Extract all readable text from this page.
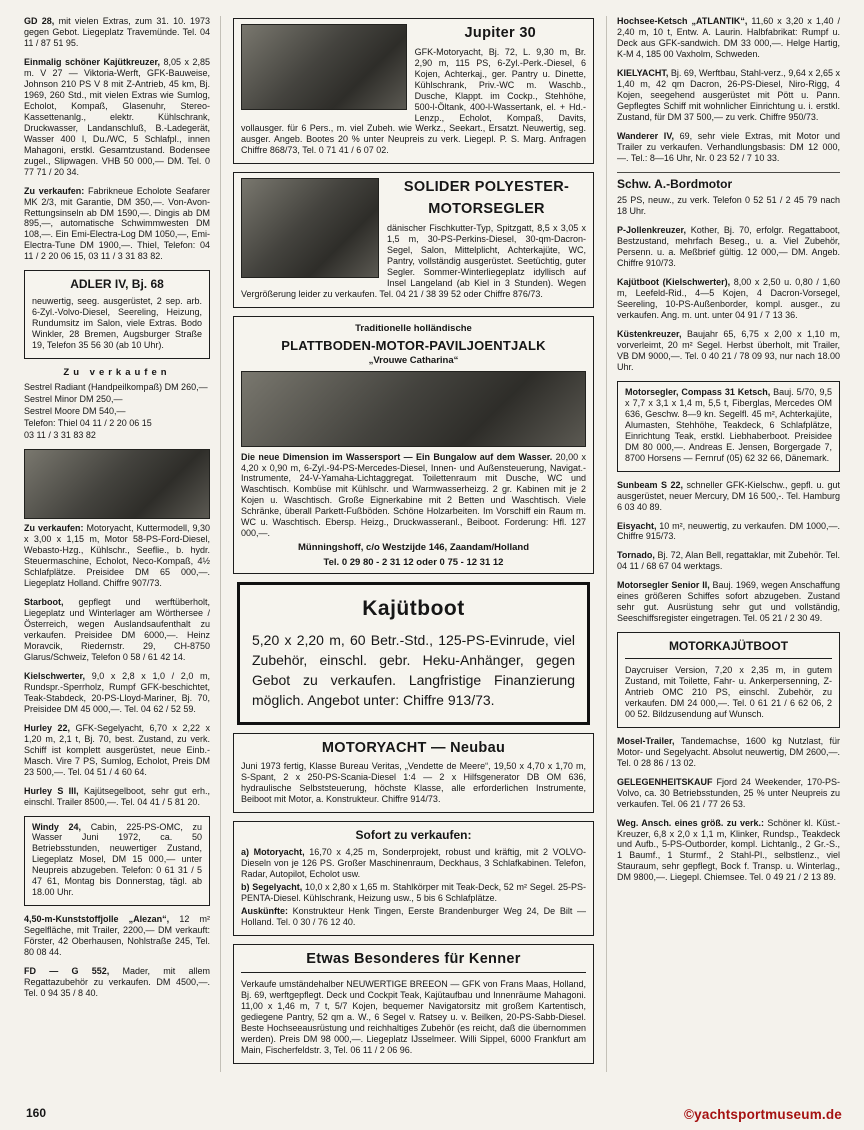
GD 28, mit vielen Extras, zum 31. 10. 1973 gegen Gebot. Liegeplatz Travemünde. Tel. 04 11 / 87 51 95.

Einmalig schöner Kajütkreuzer, 8,05 x 2,85 m. V 27 — Viktoria-Werft, GFK-Bauweise, Johnson 210 PS V 8 mit Z-Antrieb, 45 km, Bj. 1969, 260 Std., mit vielen Extras wie Sumlog, Echolot, Kompaß, Glasenuhr, Stereo-Kassettenanlg., elektr. Kühlschrank, Druckwasser, Landanschluß, B.-Ladegerät, Wasser 400 l, Du./WC, 5 Schlafpl., innen Mahagoni, erstkl. Gesamtzustand. Bodensee zugel., Slipwagen. VHB 50 000,— DM. Tel. 0 77 71 / 20 34.

Zu verkaufen: Fabrikneue Echolote Seafarer MK 2/3, mit Garantie, DM 350,—. Von-Avon-Rettungsinseln ab DM 1590,—. Dingis ab DM 895,—, automatische Schwimmwesten DM 108,—. Ein Emi-Electra-Log DM 1050,—, Emi-Electra-Tune DM 1900,—. Thiel, Telefon: 04 11 / 2 20 06 15, 03 11 / 3 31 83 82.

ADLER IV, Bj. 68

neuwertig, seeg. ausgerüstet, 2 sep. arb. 6-Zyl.-Volvo-Diesel, Seereling, Heizung, Rundumsitz im Salon, viele Extras. Bodo Winkler, 28 Bremen, Augsburger Straße 19, Telefon 35 56 30 (ab 10 Uhr).

Zu verkaufen
Sestrel Radiant (Handpeilkompaß) DM 260,—
Sestrel Minor DM 250,—
Sestrel Moore DM 540,—
Telefon: Thiel 04 11 / 2 20 06 15
03 11 / 3 31 83 82

Zu verkaufen: Motoryacht, Kuttermodell, 9,30 x 3,00 x 1,15 m, Motor 58-PS-Ford-Diesel, Webasto-Hzg., Kühlschr., Seeflie., b. hydr. Steuermaschine, Echolot, Neco-Kompaß, 4½ Schlafplätze. Preisidee DM 65 000,—. Liegeplatz Holland. Chiffre 907/73.

Starboot, gepflegt und werftüberholt, Liegeplatz und Winterlager am Wörthersee / Österreich, wegen Auslandsaufenthalt zu verkaufen. Preisidee DM 6000,—. Heinz Moravcik, Riedernstr. 29, CH-8750 Glarus/Schweiz, Telefon 0 58 / 61 42 14.

Kielschwerter, 9,0 x 2,8 x 1,0 / 2,0 m, Rundspr.-Sperrholz, Rumpf GFK-beschichtet, Teak-Stabdeck, 20-PS-Lloyd-Mariner, Bj. 70, Preisidee DM 45 000,—. Tel. 04 62 / 52 59.

Hurley 22, GFK-Segelyacht, 6,70 x 2,22 x 1,20 m, 2,1 t, Bj. 70, best. Zustand, zu verk. Schiff ist komplett ausgerüstet, neue Einb.-Masch. Vire 7 PS, Sumlog, Echolot, Preis DM 23 500,—. Tel. 04 51 / 4 60 64.

Hurley S III, Kajütsegelboot, sehr gut erh., einschl. Trailer 8500,—. Tel. 04 41 / 5 81 20.

Windy 24, Cabin, 225-PS-OMC, zu Wasser Juni 1972, ca. 50 Betriebsstunden, neuwertiger Zustand, Liegeplatz Mosel, DM 15 000,— unter Neupreis abzugeben. Telefon: 0 61 31 / 5 47 61, Montag bis Donnerstag, tägl. ab 18.00 Uhr.

4,50-m-Kunststoffjolle „Alezan“, 12 m² Segelfläche, mit Trailer, 2200,— DM verkauft: Förster, 42 Oberhausen, Nohlstraße 245, Tel. 80 08 44.

FD — G 552, Mader, mit allem Regattazubehör zu verkaufen. DM 4500,—. Tel. 0 94 35 / 8 40.

Jupiter 30

GFK-Motoryacht, Bj. 72, L. 9,30 m, Br. 2,90 m, 115 PS, 6-Zyl.-Perk.-Diesel, 6 Kojen, Achterkaj., ger. Pantry u. Dinette, Kühlschrank, Priv.-WC m. Waschb., Dusche, Klappt. im Cockp., Stehhöhe, 500-l-Öltank, 400-l-Wassertank, el. + Hd.-Lenzp., Echolot, Kompaß, Davits, vollausger. für 6 Pers., m. viel Zubeh. wie Werkz., Seekart., Ersatzt. Neuwertig, seg. ausger. Angeb. Bootes 20 % unter Neupreis zu verk. Liegepl. P. S. Marg. Anfragen Chiffre 868/73, Tel. 0 71 41 / 6 07 02.

SOLIDER POLYESTER-
MOTORSEGLER

dänischer Fischkutter-Typ, Spitzgatt, 8,5 x 3,05 x 1,5 m, 30-PS-Perkins-Diesel, 30-qm-Dacron-Segel, Salon, Mittelplicht, Achterkajüte, WC, Pantry, vollständig ausgerüstet. Seetüchtig, guter Segler. Sommer-Winterliegeplatz idyllisch auf Insel Langeland (ab Kiel in 3 Stunden). Wegen Vergrößerung leider zu verkaufen. Tel. 04 21 / 38 39 52 oder Chiffre 876/73.

Traditionelle holländische
PLATTBODEN-MOTOR-PAVILJOENTJALK
„Vrouwe Catharina“

Die neue Dimension im Wassersport — Ein Bungalow auf dem Wasser. 20,00 x 4,20 x 0,90 m, 6-Zyl.-94-PS-Mercedes-Diesel, Innen- und Außensteuerung, Navigat.-Instrumente, 24-V-Yamaha-Lichtaggregat. Toilettenraum mit Dusche, WC und Waschtisch. Kombüse mit Kühlschr. und Warmwasserheizg. 2 gr. Kabinen mit je 2 Kojen u. Waschtisch. Große Eignerkabine mit 2 Betten und Waschtisch. Viele Schränke, überall Parkett-Fußböden. Schöne Holzarbeiten. Im Vorschiff ein Raum m. WC u. Waschtisch. Ebersp. Heizg., Druckwasseranl., Beiboot. Forderung: Hfl. 127 000,—.

Münningshoff, c/o Westzijde 146, Zaandam/Holland
Tel. 0 29 80 - 2 31 12 oder 0 75 - 12 31 12
Kajütboot

5,20 x 2,20 m, 60 Betr.-Std., 125-PS-Evinrude, viel Zubehör, einschl. gebr. Heku-Anhänger, gegen Gebot zu verkaufen. Langfristige Finanzierung möglich. Angebot unter: Chiffre 913/73.

MOTORYACHT — Neubau

Juni 1973 fertig, Klasse Bureau Veritas, „Vendette de Meere“, 19,50 x 4,70 x 1,70 m, S-Spant, 2 x 250-PS-Scania-Diesel 1:4 — 2 x Hilfsgenerator DB OM 636, hydraulische Selbststeuerung, höchste Klasse, alle erforderlichen Instrumente, Beiboot mit Motor, a. Konstrukteur. Chiffre 914/73.

Sofort zu verkaufen:

a) Motoryacht, 16,70 x 4,25 m, Sonderprojekt, robust und kräftig, mit 2 VOLVO-Dieseln von je 126 PS. Großer Maschinenraum, Deckhaus, 3 Schlafkabinen. Telefon, Radar, Autopilot, Echolot usw.

b) Segelyacht, 10,0 x 2,80 x 1,65 m. Stahlkörper mit Teak-Deck, 52 m² Segel. 25-PS-PENTA-Diesel. Kühlschrank, Heizung usw., 5 bis 6 Schlafplätze.

Auskünfte: Konstrukteur Henk Tingen, Eerste Brandenburger Weg 24, De Bilt — Holland. Tel. 0 30 / 76 12 40.

Etwas Besonderes für Kenner

Verkaufe umständehalber NEUWERTIGE BREEON — GFK von Frans Maas, Holland, Bj. 69, werftgepflegt. Deck und Cockpit Teak, Kajütaufbau und Innenräume Mahagoni. 11,00 x 1,46 m, 7 t, 5/7 Kojen, bequemer Navigatorsitz mit großem Kartentisch, gediegene Pantry, 52 qm a. W., 6 Segel v. Ratsey u. v. Beilken, 20-PS-Sabb-Diesel. Beste Hochseeausrüstung und reichhaltiges Zubehör (es reicht, daß die übernommen werden). Preis DM 98 000,—. Liegeplatz IJsselmeer. Willi Sippel, 6000 Frankfurt am Main, Fischerfeldstr. 3, Tel. 06 11 / 2 06 96.

Hochsee-Ketsch „ATLANTIK“, 11,60 x 3,20 x 1,40 / 2,40 m, 10 t, Entw. A. Laurin. Halbfabrikat: Rumpf u. Deck aus GFK-sandwich. DM 33 000,—. Helge Hartig, K-M 4, 185 00 Vaxholm, Schweden.

KIELYACHT, Bj. 69, Werftbau, Stahl-verz., 9,64 x 2,65 x 1,40 m, 42 qm Dacron, 26-PS-Diesel, Niro-Rigg, 4 Kojen, seegehend ausgerüstet mit Pött u. Pann. Gepflegtes Schiff mit wohnlicher Einrichtung u. i. erstkl. Zustand, für DM 37 500,— zu verk. Chiffre 950/73.

Wanderer IV, 69, sehr viele Extras, mit Motor und Trailer zu verkaufen. Verhandlungsbasis: DM 12 000,—. Tel.: 8—16 Uhr, Nr. 0 23 52 / 7 10 33.

Schw. A.-Bordmotor

25 PS, neuw., zu verk. Telefon 0 52 51 / 2 45 79 nach 18 Uhr.

P-Jollenkreuzer, Kother, Bj. 70, erfolgr. Regattaboot, Bestzustand, mehrfach Beseg., u. a. Viel Zubehör, Persenn. u. a. Meßbrief gültig. 12 000,— DM. Angeb. Chiffre 910/73.

Kajütboot (Kielschwerter), 8,00 x 2,50 u. 0,80 / 1,60 m, Leefeld-Rid., 4—5 Kojen, 4 Dacron-Vorsegel, Seereling, 10-PS-Außenborder, kompl. ausger., zu verkaufen. Ang. m. unt. unter 04 91 / 7 13 36.

Küstenkreuzer, Baujahr 65, 6,75 x 2,00 x 1,10 m, vorverleimt, 20 m² Segel. Herbst überholt, mit Trailer, VB DM 9000,—. Tel. 0 40 21 / 78 09 93, nur nach 18.00 Uhr.

Motorsegler, Compass 31 Ketsch, Bauj. 5/70, 9,5 x 7,7 x 3,1 x 1,4 m, 5,5 t, Fiberglas, Mercedes OM 636, Geschw. 8—9 kn. Segelfl. 45 m², Achterkajüte, Alumasten, Stehhöhe, Teakdeck, 6 Schlafplätze, Einrichtung Teak, erstkl. Liebhaberboot. Preisidee DM 80 000,—. Andreas E. Jensen, Borgergade 7, 8700 Horsens — Fernruf (05) 62 32 66, Dänemark.

Sunbeam S 22, schneller GFK-Kielschw., gepfl. u. gut ausgerüstet, neuer Mercury, DM 16 500,-. Tel. Hamburg 6 03 40 89.

Eisyacht, 10 m², neuwertig, zu verkaufen. DM 1000,—. Chiffre 915/73.

Tornado, Bj. 72, Alan Bell, regattaklar, mit Zubehör. Tel. 04 11 / 68 67 04 werktags.

Motorsegler Senior II, Bauj. 1969, wegen Anschaffung eines größeren Schiffes sofort abzugeben. Zustand sehr gut. Ausrüstung sehr gut und vollständig, Seeschiffsregister eingetragen. Tel. 05 21 / 2 30 49.

MOTORKAJÜTBOOT

Daycruiser Version, 7,20 x 2,35 m, in gutem Zustand, mit Toilette, Fahr- u. Ankerpersenning, Z-Antrieb OMC 210 PS, einschl. Zubehör, zu verkaufen. DM 24 000,—. Tel. 0 61 21 / 6 62 06, 2 00 52. Bildzusendung auf Wunsch.

Mosel-Trailer, Tandemachse, 1600 kg Nutzlast, für Motor- und Segelyacht. Absolut neuwertig, DM 2600,—. Tel. 0 28 86 / 13 02.

GELEGENHEITSKAUF Fjord 24 Weekender, 170-PS-Volvo, ca. 30 Betriebsstunden, 25 % unter Neupreis zu verkaufen. Tel. 06 21 / 77 26 53.

Weg. Ansch. eines größ. zu verk.: Schöner kl. Küst.-Kreuzer, 6,8 x 2,0 x 1,1 m, Klinker, Rundsp., Teakdeck und Aufb., 5-PS-Outborder, kompl. Lichtanlg., 2 Gr.-S., 1 Baumf., 1 Sturmf., 2 Stahl-Pl., selbstlenz., viel Stauraum, sehr gepflegt, Bock f. Transp. u. Winterlag., DM 9800,—. Liegepl. Chiemsee. Tel. 0 49 21 / 2 13 89.

160	©yachtsportmuseum.de
